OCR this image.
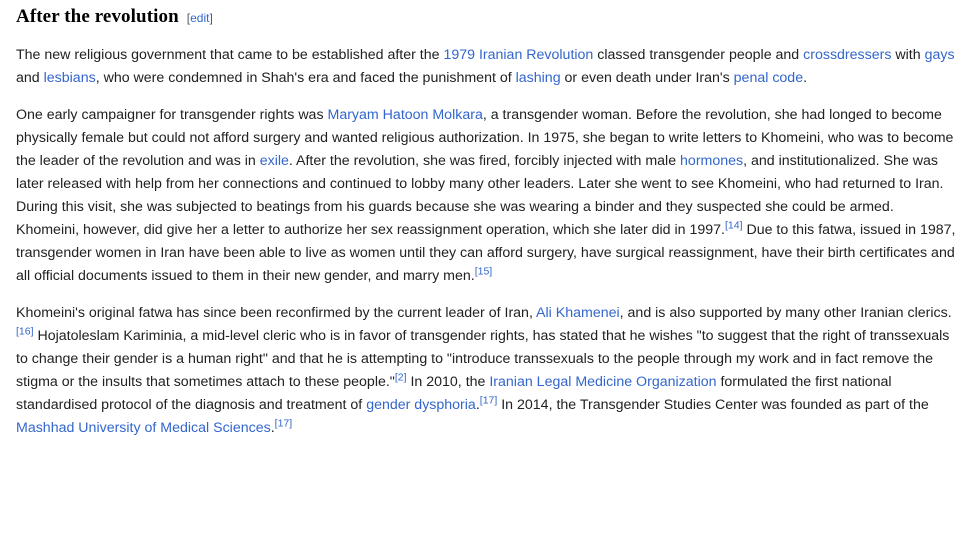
After the revolution [edit]

The new religious government that came to be established after the 1979 Iranian Revolution classed transgender people and crossdressers with gays and lesbians, who were condemned in Shah's era and faced the punishment of lashing or even death under Iran's penal code.

One early campaigner for transgender rights was Maryam Hatoon Molkara, a transgender woman. Before the revolution, she had longed to become physically female but could not afford surgery and wanted religious authorization. In 1975, she began to write letters to Khomeini, who was to become the leader of the revolution and was in exile. After the revolution, she was fired, forcibly injected with male hormones, and institutionalized. She was later released with help from her connections and continued to lobby many other leaders. Later she went to see Khomeini, who had returned to Iran. During this visit, she was subjected to beatings from his guards because she was wearing a binder and they suspected she could be armed. Khomeini, however, did give her a letter to authorize her sex reassignment operation, which she later did in 1997.[14] Due to this fatwa, issued in 1987, transgender women in Iran have been able to live as women until they can afford surgery, have surgical reassignment, have their birth certificates and all official documents issued to them in their new gender, and marry men.[15]

Khomeini's original fatwa has since been reconfirmed by the current leader of Iran, Ali Khamenei, and is also supported by many other Iranian clerics.[16] Hojatoleslam Kariminia, a mid-level cleric who is in favor of transgender rights, has stated that he wishes "to suggest that the right of transsexuals to change their gender is a human right" and that he is attempting to "introduce transsexuals to the people through my work and in fact remove the stigma or the insults that sometimes attach to these people."[2] In 2010, the Iranian Legal Medicine Organization formulated the first national standardised protocol of the diagnosis and treatment of gender dysphoria.[17] In 2014, the Transgender Studies Center was founded as part of the Mashhad University of Medical Sciences.[17]
